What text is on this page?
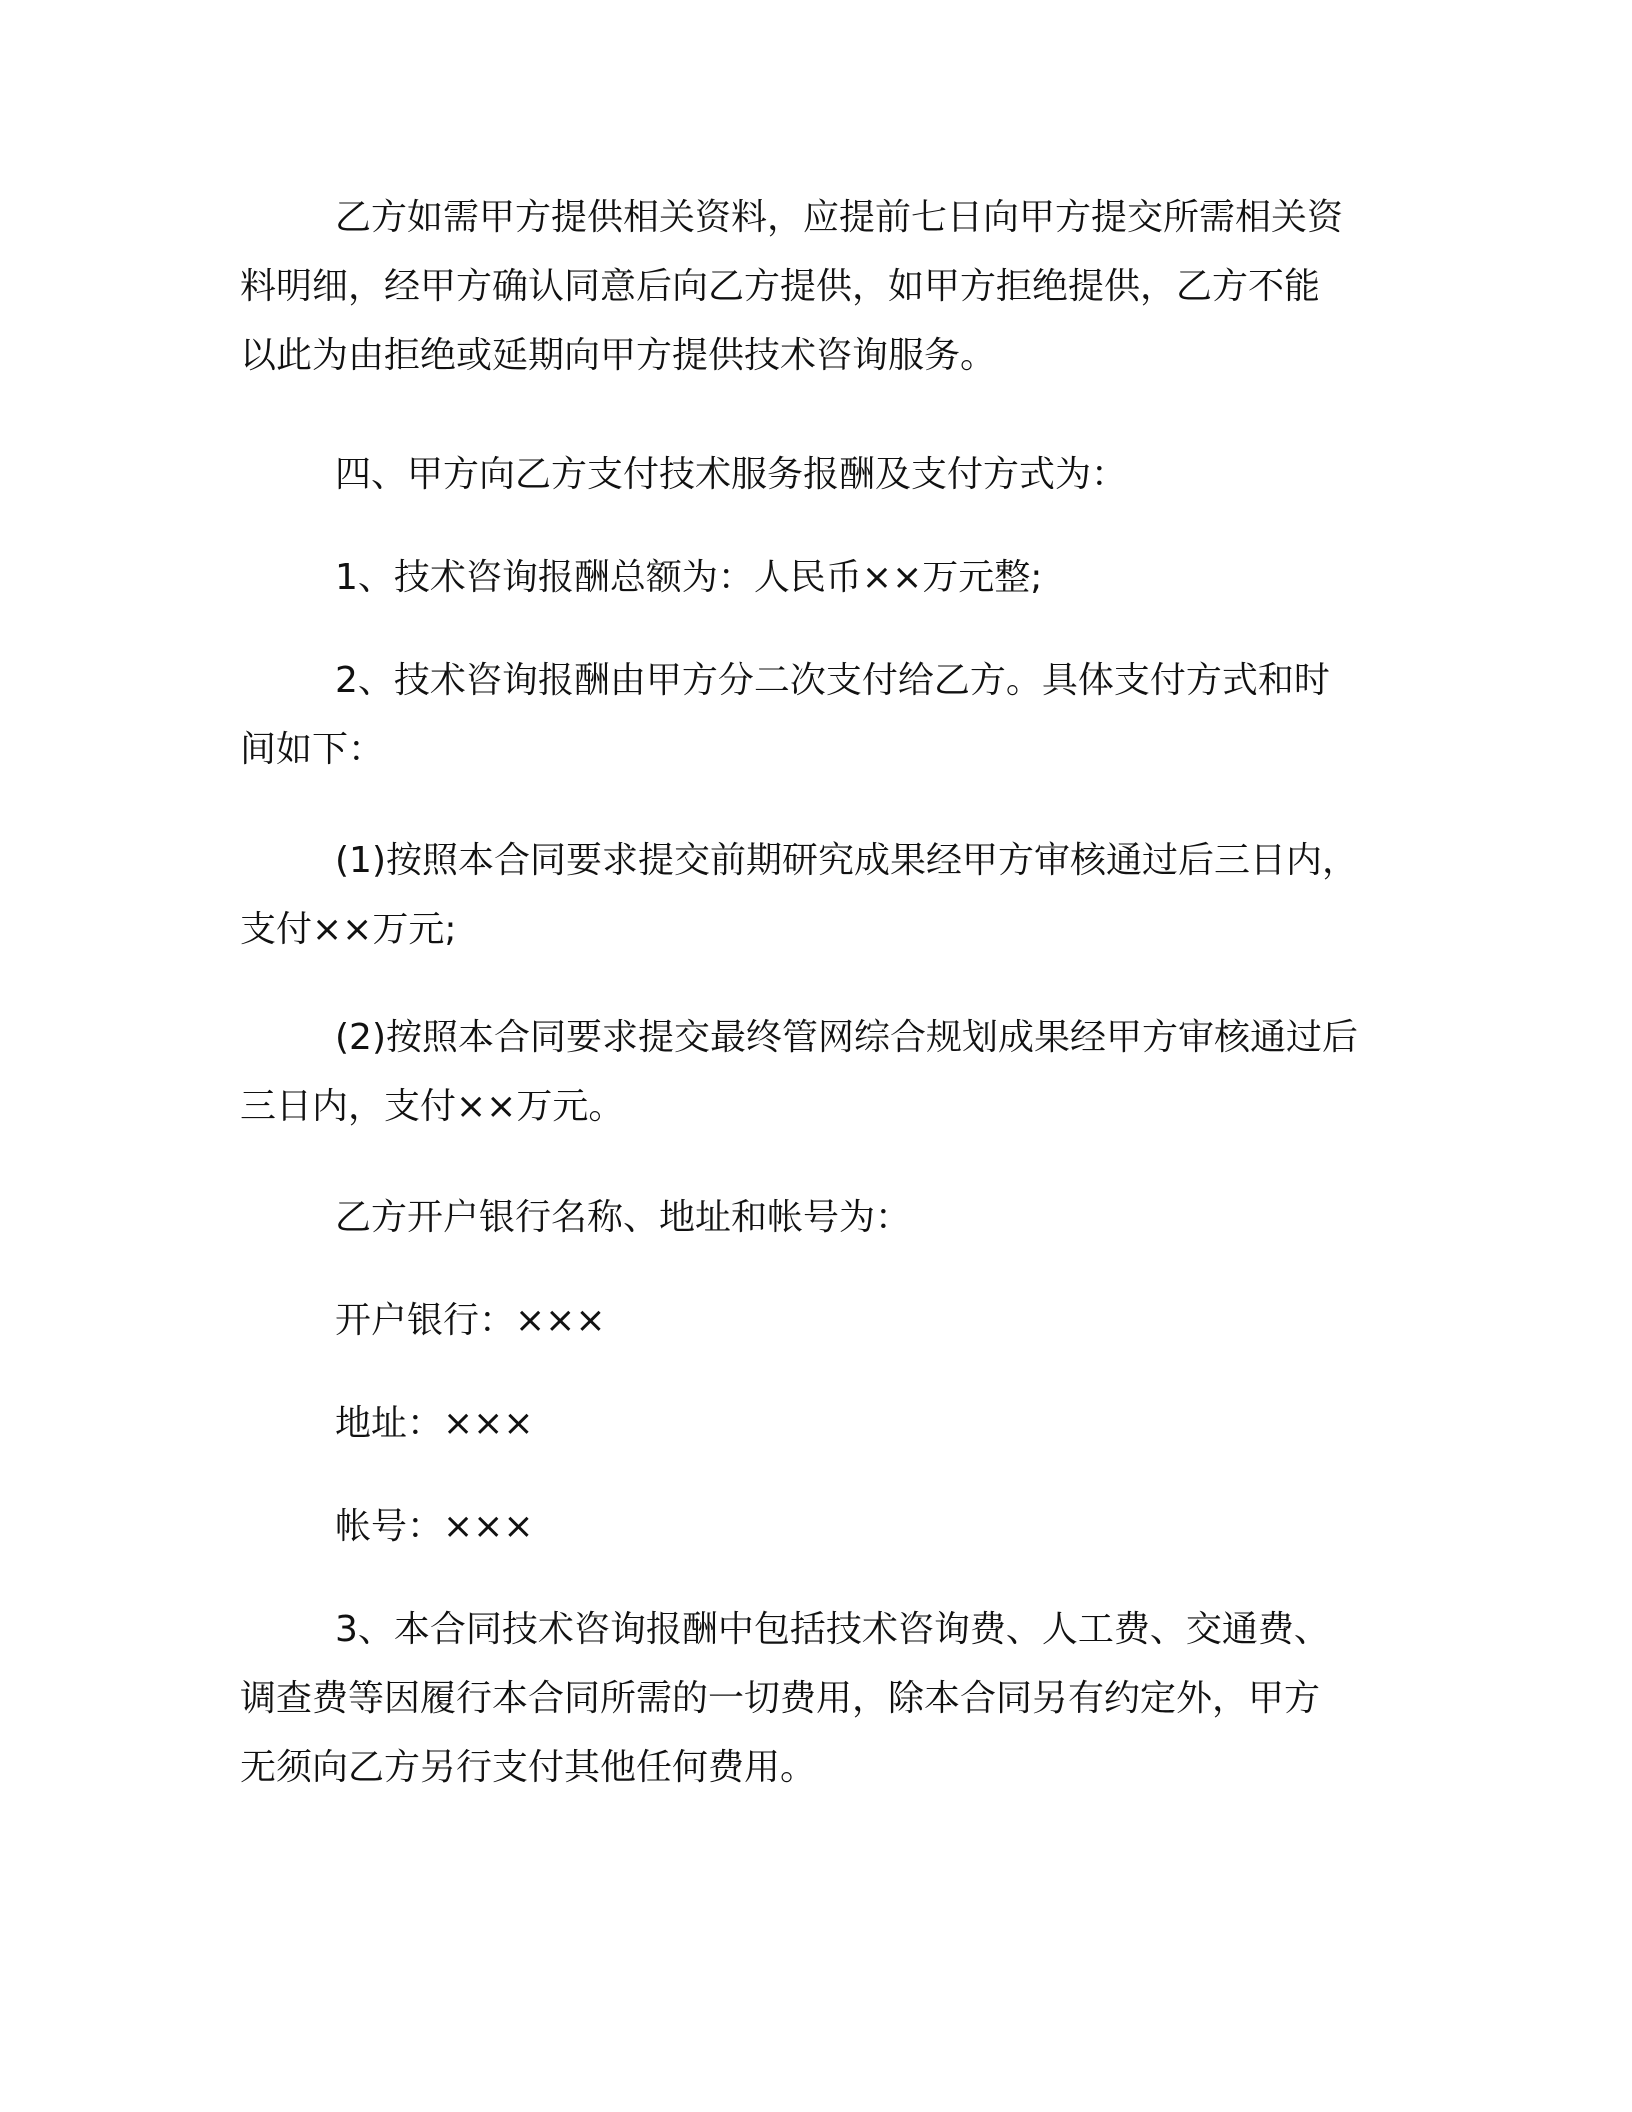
乙方如需甲方提供相关资料，应提前七日向甲方提交所需相关资
料明细，经甲方确认同意后向乙方提供，如甲方拒绝提供，乙方不能
以此为由拒绝或延期向甲方提供技术咨询服务。
四、甲方向乙方支付技术服务报酬及支付方式为：
1、技术咨询报酬总额为：人民币××万元整;
2、技术咨询报酬由甲方分二次支付给乙方。具体支付方式和时
间如下：
(1)按照本合同要求提交前期研究成果经甲方审核通过后三日内，
支付××万元;
(2)按照本合同要求提交最终管网综合规划成果经甲方审核通过后
三日内，支付××万元。
乙方开户银行名称、地址和帐号为：
开户银行：×××
地址：×××
帐号：×××
3、本合同技术咨询报酬中包括技术咨询费、人工费、交通费、
调查费等因履行本合同所需的一切费用，除本合同另有约定外，甲方
无须向乙方另行支付其他任何费用。
